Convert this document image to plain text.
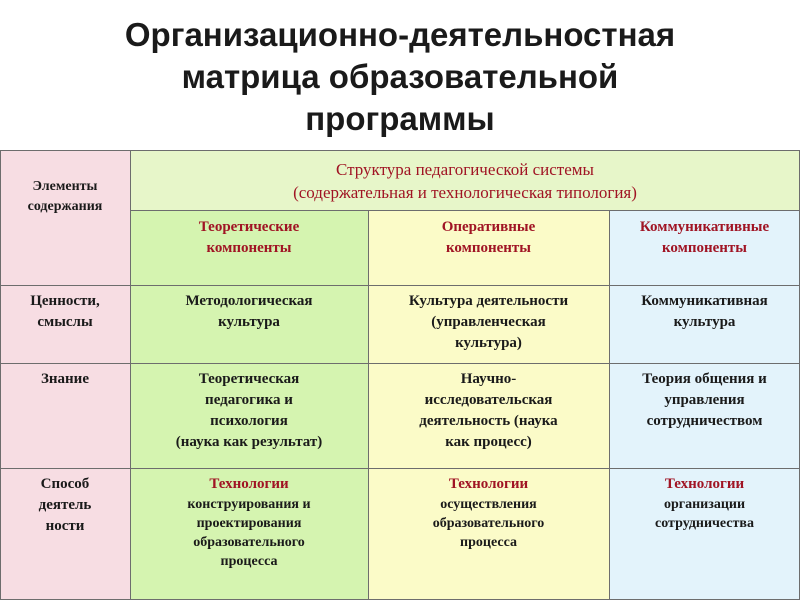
Организационно-деятельностная
матрица образовательной
программы
Элементы
содержания
Ценности,
смыслы
Знание
Способ
деятель
ности
Структура педагогической системы
(содержательная и технологическая типология)
Теоретические
компоненты
Оперативные
компоненты
Коммуникативные
компоненты
Методологическая
культура
Культура деятельности
(управленческая
культура)
Коммуникативная
культура
Теоретическая
педагогика и
психология
(наука как результат)
Научно-
исследовательская
деятельность (наука
как процесс)
Теория общения и
управления
сотрудничеством
Технологии
конструирования и
проектирования
образовательного
процесса
Технологии
осуществления
образовательного
процесса
Технологии
организации
сотрудничества
